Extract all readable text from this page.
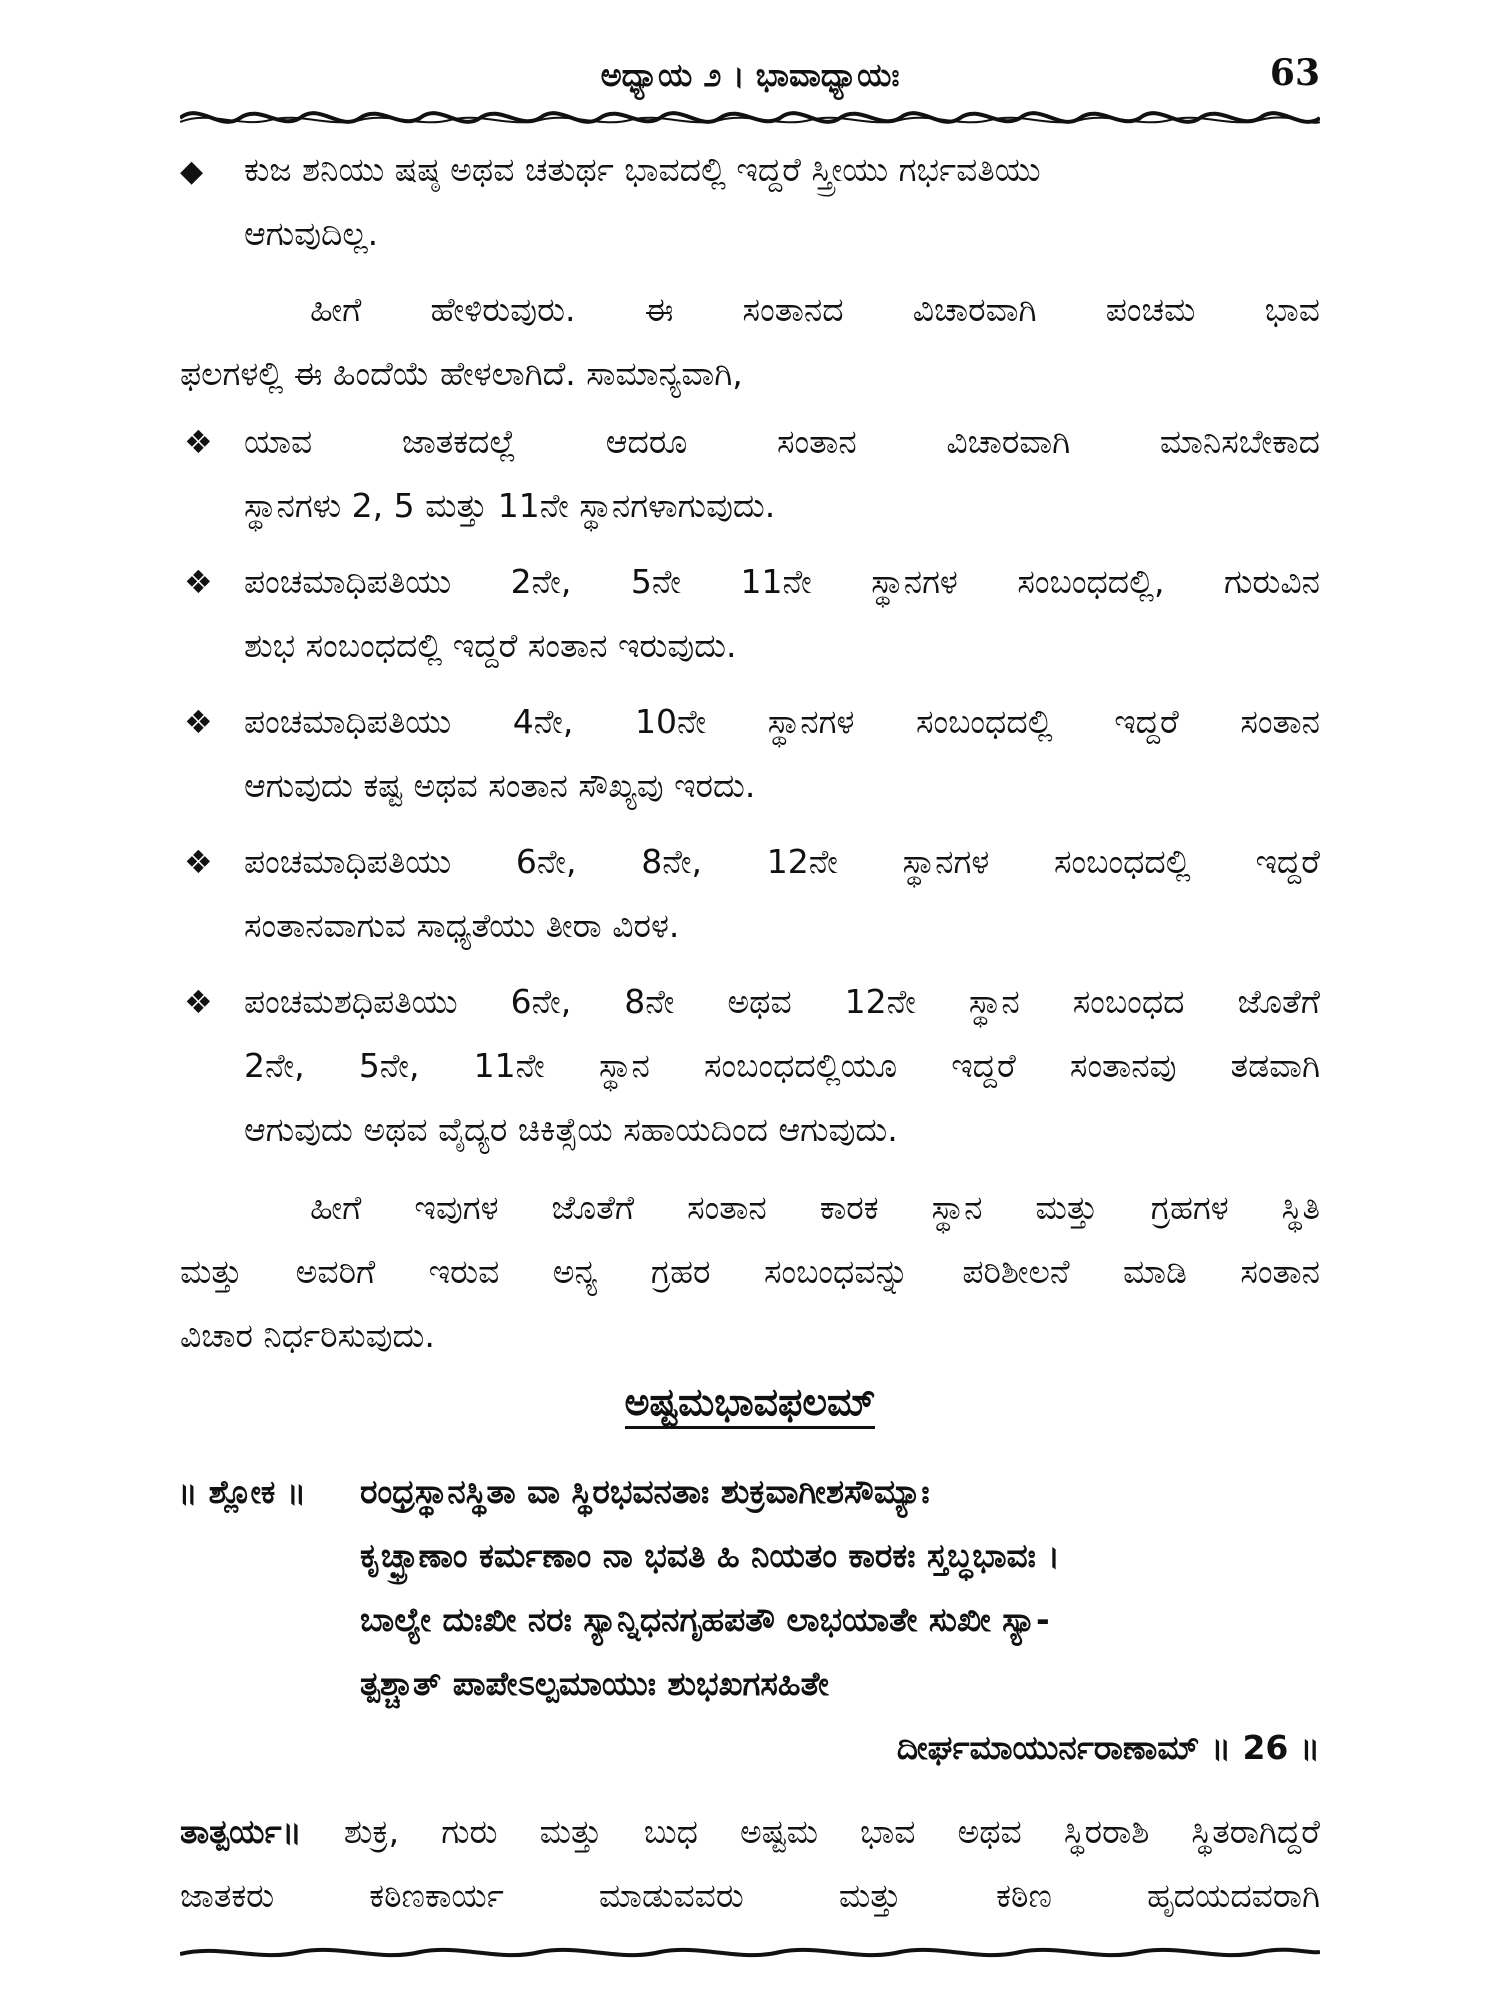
ಅಧ್ಯಾಯ ೨ । ಭಾವಾಧ್ಯಾಯಃ	63
◆ ಕುಜ ಶನಿಯು ಷಷ್ಠ ಅಥವ ಚತುರ್ಥ ಭಾವದಲ್ಲಿ ಇದ್ದರೆ ಸ್ತ್ರೀಯು ಗರ್ಭವತಿಯು
ಆಗುವುದಿಲ್ಲ.
ಹೀಗೆ ಹೇಳಿರುವುರು. ಈ ಸಂತಾನದ ವಿಚಾರವಾಗಿ ಪಂಚಮ ಭಾವ
ಫಲಗಳಲ್ಲಿ ಈ ಹಿಂದೆಯೆ ಹೇಳಲಾಗಿದೆ. ಸಾಮಾನ್ಯವಾಗಿ,
❖ ಯಾವ ಜಾತಕದಲ್ಲೆ ಆದರೂ ಸಂತಾನ ವಿಚಾರವಾಗಿ ಮಾನಿಸಬೇಕಾದ
ಸ್ಥಾನಗಳು 2, 5 ಮತ್ತು 11ನೇ ಸ್ಥಾನಗಳಾಗುವುದು.
❖ ಪಂಚಮಾಧಿಪತಿಯು 2ನೇ, 5ನೇ 11ನೇ ಸ್ಥಾನಗಳ ಸಂಬಂಧದಲ್ಲಿ, ಗುರುವಿನ
ಶುಭ ಸಂಬಂಧದಲ್ಲಿ ಇದ್ದರೆ ಸಂತಾನ ಇರುವುದು.
❖ ಪಂಚಮಾಧಿಪತಿಯು 4ನೇ, 10ನೇ ಸ್ಥಾನಗಳ ಸಂಬಂಧದಲ್ಲಿ ಇದ್ದರೆ ಸಂತಾನ
ಆಗುವುದು ಕಷ್ಟ ಅಥವ ಸಂತಾನ ಸೌಖ್ಯವು ಇರದು.
❖ ಪಂಚಮಾಧಿಪತಿಯು 6ನೇ, 8ನೇ, 12ನೇ ಸ್ಥಾನಗಳ ಸಂಬಂಧದಲ್ಲಿ ಇದ್ದರೆ
ಸಂತಾನವಾಗುವ ಸಾಧ್ಯತೆಯು ತೀರಾ ವಿರಳ.
❖ ಪಂಚಮಶಧಿಪತಿಯು 6ನೇ, 8ನೇ ಅಥವ 12ನೇ ಸ್ಥಾನ ಸಂಬಂಧದ ಜೊತೆಗೆ
2ನೇ, 5ನೇ, 11ನೇ ಸ್ಥಾನ ಸಂಬಂಧದಲ್ಲಿಯೂ ಇದ್ದರೆ ಸಂತಾನವು ತಡವಾಗಿ
ಆಗುವುದು ಅಥವ ವೈದ್ಯರ ಚಿಕಿತ್ಸೆಯ ಸಹಾಯದಿಂದ ಆಗುವುದು.
ಹೀಗೆ ಇವುಗಳ ಜೊತೆಗೆ ಸಂತಾನ ಕಾರಕ ಸ್ಥಾನ ಮತ್ತು ಗ್ರಹಗಳ ಸ್ಥಿತಿ
ಮತ್ತು ಅವರಿಗೆ ಇರುವ ಅನ್ಯ ಗ್ರಹರ ಸಂಬಂಧವನ್ನು ಪರಿಶೀಲನೆ ಮಾಡಿ ಸಂತಾನ
ವಿಚಾರ ನಿರ್ಧರಿಸುವುದು.
ಅಷ್ಟಮಭಾವಫಲಮ್
॥ ಶ್ಲೋಕ ॥ ರಂಧ್ರಸ್ಥಾನಸ್ಥಿತಾ ವಾ ಸ್ಥಿರಭವನತಾಃ ಶುಕ್ರವಾಗೀಶಸೌಮ್ಯಾಃ
ಕೃಚ್ಛ್ರಾಣಾಂ ಕರ್ಮಣಾಂ ನಾ ಭವತಿ ಹಿ ನಿಯತಂ ಕಾರಕಃ ಸ್ತಬ್ಧಭಾವಃ ।
ಬಾಲ್ಯೇ ದುಃಖೀ ನರಃ ಸ್ಯಾನ್ನಿಧನಗೃಹಪತೌ ಲಾಭಯಾತೇ ಸುಖೀ ಸ್ಯಾ-
ತ್ಪಶ್ಚಾತ್ ಪಾಪೇಽಲ್ಪಮಾಯುಃ ಶುಭಖಗಸಹಿತೇ
ದೀರ್ಘಮಾಯುರ್ನರಾಣಾಮ್ ॥ 26 ॥
ತಾತ್ಪರ್ಯ॥ ಶುಕ್ರ, ಗುರು ಮತ್ತು ಬುಧ ಅಷ್ಟಮ ಭಾವ ಅಥವ ಸ್ಥಿರರಾಶಿ ಸ್ಥಿತರಾಗಿದ್ದರೆ
ಜಾತಕರು ಕಠಿಣಕಾರ್ಯ ಮಾಡುವವರು ಮತ್ತು ಕಠಿಣ ಹೃದಯದವರಾಗಿ
